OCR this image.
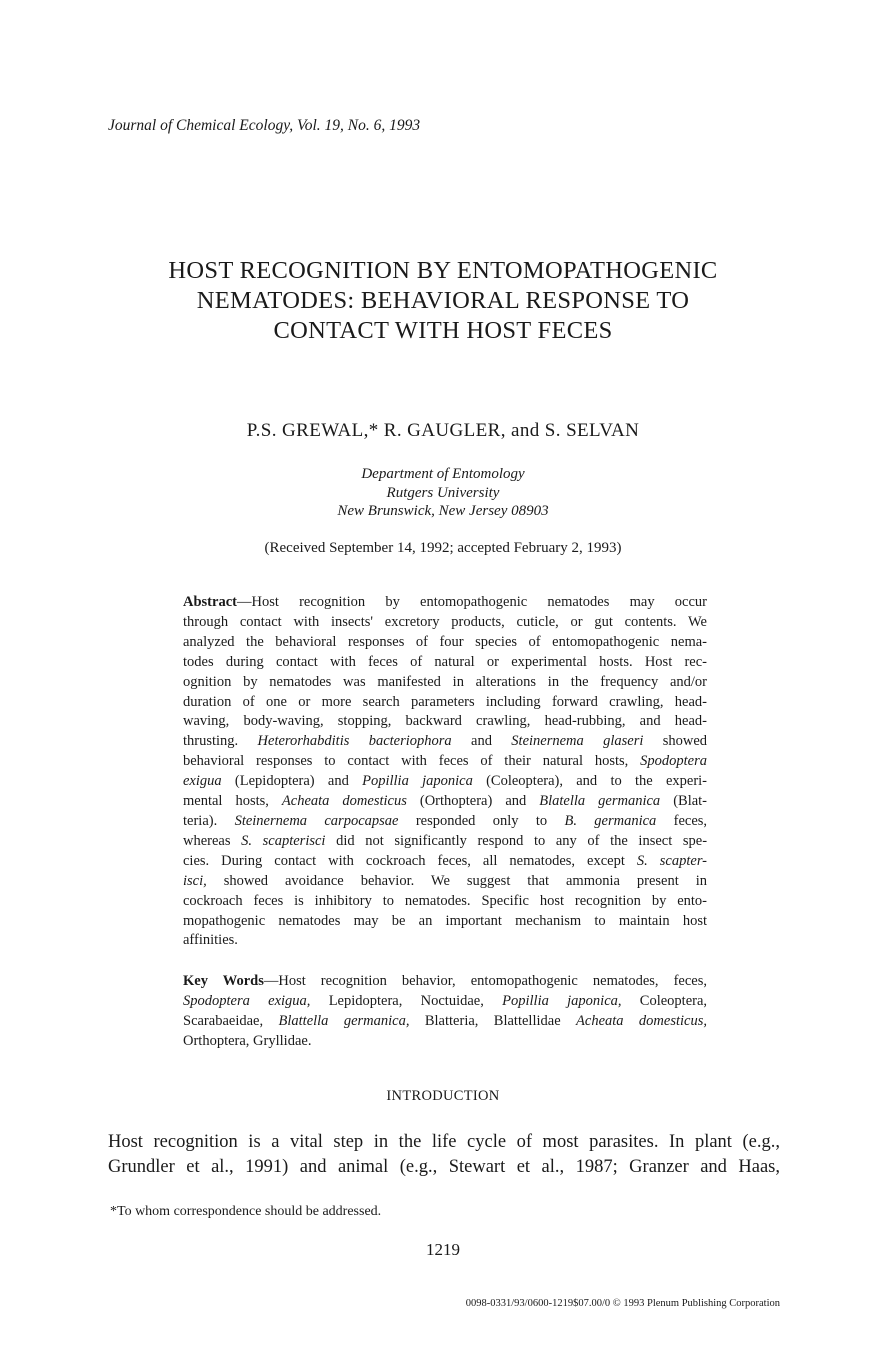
Journal of Chemical Ecology, Vol. 19, No. 6, 1993
HOST RECOGNITION BY ENTOMOPATHOGENIC
NEMATODES: BEHAVIORAL RESPONSE TO
CONTACT WITH HOST FECES
P.S. GREWAL,* R. GAUGLER, and S. SELVAN
Department of Entomology
Rutgers University
New Brunswick, New Jersey 08903
(Received September 14, 1992; accepted February 2, 1993)
Abstract—Host recognition by entomopathogenic nematodes may occur
through contact with insects' excretory products, cuticle, or gut contents. We
analyzed the behavioral responses of four species of entomopathogenic nema-
todes during contact with feces of natural or experimental hosts. Host rec-
ognition by nematodes was manifested in alterations in the frequency and/or
duration of one or more search parameters including forward crawling, head-
waving, body-waving, stopping, backward crawling, head-rubbing, and head-
thrusting. Heterorhabditis bacteriophora and Steinernema glaseri showed
behavioral responses to contact with feces of their natural hosts, Spodoptera
exigua (Lepidoptera) and Popillia japonica (Coleoptera), and to the experi-
mental hosts, Acheata domesticus (Orthoptera) and Blatella germanica (Blat-
teria). Steinernema carpocapsae responded only to B. germanica feces,
whereas S. scapterisci did not significantly respond to any of the insect spe-
cies. During contact with cockroach feces, all nematodes, except S. scapter-
isci, showed avoidance behavior. We suggest that ammonia present in
cockroach feces is inhibitory to nematodes. Specific host recognition by ento-
mopathogenic nematodes may be an important mechanism to maintain host
affinities.
Key Words—Host recognition behavior, entomopathogenic nematodes, feces,
Spodoptera exigua, Lepidoptera, Noctuidae, Popillia japonica, Coleoptera,
Scarabaeidae, Blattella germanica, Blatteria, Blattellidae Acheata domesticus,
Orthoptera, Gryllidae.
INTRODUCTION
Host recognition is a vital step in the life cycle of most parasites. In plant (e.g.,
Grundler et al., 1991) and animal (e.g., Stewart et al., 1987; Granzer and Haas,
*To whom correspondence should be addressed.
1219
0098-0331/93/0600-1219$07.00/0 © 1993 Plenum Publishing Corporation
